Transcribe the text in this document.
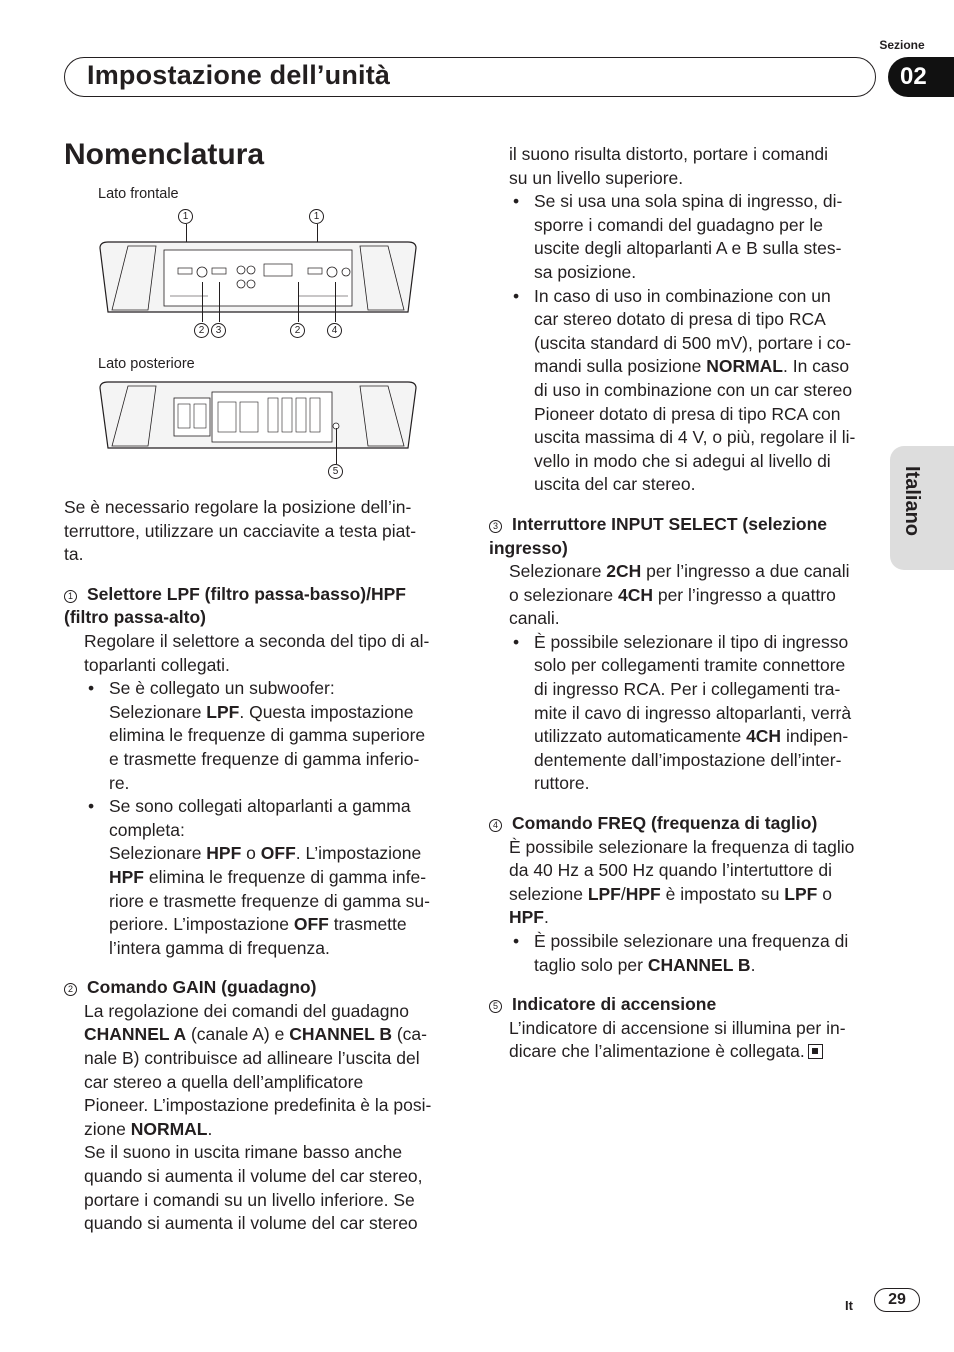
Sezione
Impostazione dell’unità	02
Italiano
Nomenclatura
Lato frontale
1	1
2	3	2	4
Lato posteriore
5

Se è necessario regolare la posizione dell’in-

terruttore, utilizzare un cacciavite a testa piat-

ta.

1 Selettore LPF (filtro passa-basso)/HPF

(filtro passa-alto)

Regolare il selettore a seconda del tipo di al-

toparlanti collegati.

• Se è collegato un subwoofer:

Selezionare LPF. Questa impostazione

elimina le frequenze di gamma superiore

e trasmette frequenze di gamma inferio-

re.

• Se sono collegati altoparlanti a gamma

completa:

Selezionare HPF o OFF. L’impostazione

HPF elimina le frequenze di gamma infe-

riore e trasmette frequenze di gamma su-

periore. L’impostazione OFF trasmette

l’intera gamma di frequenza.

2 Comando GAIN (guadagno)

La regolazione dei comandi del guadagno

CHANNEL A (canale A) e CHANNEL B (ca-

nale B) contribuisce ad allineare l’uscita del

car stereo a quella dell’amplificatore

Pioneer. L’impostazione predefinita è la posi-

zione NORMAL.

Se il suono in uscita rimane basso anche

quando si aumenta il volume del car stereo,

portare i comandi su un livello inferiore. Se

quando si aumenta il volume del car stereo

il suono risulta distorto, portare i comandi

su un livello superiore.

• Se si usa una sola spina di ingresso, di-

sporre i comandi del guadagno per le

uscite degli altoparlanti A e B sulla stes-

sa posizione.

• In caso di uso in combinazione con un

car stereo dotato di presa di tipo RCA

(uscita standard di 500 mV), portare i co-

mandi sulla posizione NORMAL. In caso

di uso in combinazione con un car stereo

Pioneer dotato di presa di tipo RCA con

uscita massima di 4 V, o più, regolare il li-

vello in modo che si adegui al livello di

uscita del car stereo.

3 Interruttore INPUT SELECT (selezione

ingresso)

Selezionare 2CH per l’ingresso a due canali

o selezionare 4CH per l’ingresso a quattro

canali.

• È possibile selezionare il tipo di ingresso

solo per collegamenti tramite connettore

di ingresso RCA. Per i collegamenti tra-

mite il cavo di ingresso altoparlanti, verrà

utilizzato automaticamente 4CH indipen-

dentemente dall’impostazione dell’inter-

ruttore.

4 Comando FREQ (frequenza di taglio)

È possibile selezionare la frequenza di taglio

da 40 Hz a 500 Hz quando l’intertuttore di

selezione LPF/HPF è impostato su LPF o

HPF.

• È possibile selezionare una frequenza di

taglio solo per CHANNEL B.

5 Indicatore di accensione

L’indicatore di accensione si illumina per in-

dicare che l’alimentazione è collegata.

It	29
